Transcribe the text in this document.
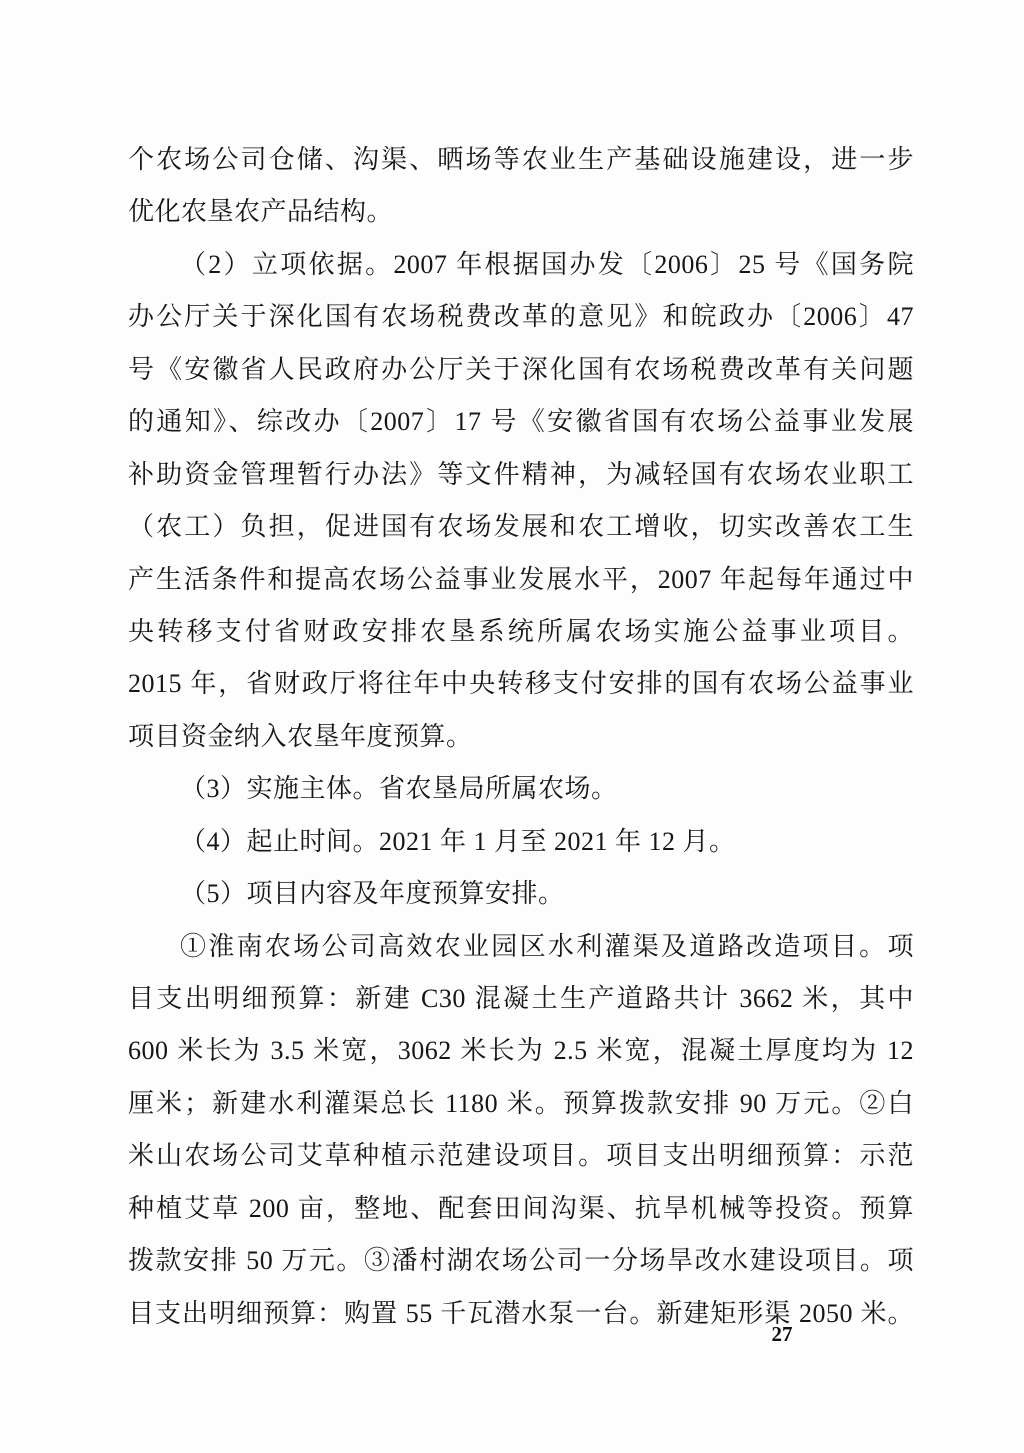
个农场公司仓储、沟渠、晒场等农业生产基础设施建设，进一步
优化农垦农产品结构。
（2）立项依据。2007 年根据国办发〔2006〕25 号《国务院
办公厅关于深化国有农场税费改革的意见》和皖政办〔2006〕47
号《安徽省人民政府办公厅关于深化国有农场税费改革有关问题
的通知》、综改办〔2007〕17 号《安徽省国有农场公益事业发展
补助资金管理暂行办法》等文件精神，为减轻国有农场农业职工
（农工）负担，促进国有农场发展和农工增收，切实改善农工生
产生活条件和提高农场公益事业发展水平，2007 年起每年通过中
央转移支付省财政安排农垦系统所属农场实施公益事业项目。
2015 年，省财政厅将往年中央转移支付安排的国有农场公益事业
项目资金纳入农垦年度预算。
（3）实施主体。省农垦局所属农场。
（4）起止时间。2021 年 1 月至 2021 年 12 月。
（5）项目内容及年度预算安排。
①淮南农场公司高效农业园区水利灌渠及道路改造项目。项
目支出明细预算：新建 C30 混凝土生产道路共计 3662 米，其中
600 米长为 3.5 米宽，3062 米长为 2.5 米宽，混凝土厚度均为 12
厘米；新建水利灌渠总长 1180 米。预算拨款安排 90 万元。②白
米山农场公司艾草种植示范建设项目。项目支出明细预算：示范
种植艾草 200 亩，整地、配套田间沟渠、抗旱机械等投资。预算
拨款安排 50 万元。③潘村湖农场公司一分场旱改水建设项目。项
目支出明细预算：购置 55 千瓦潜水泵一台。新建矩形渠 2050 米。
27
